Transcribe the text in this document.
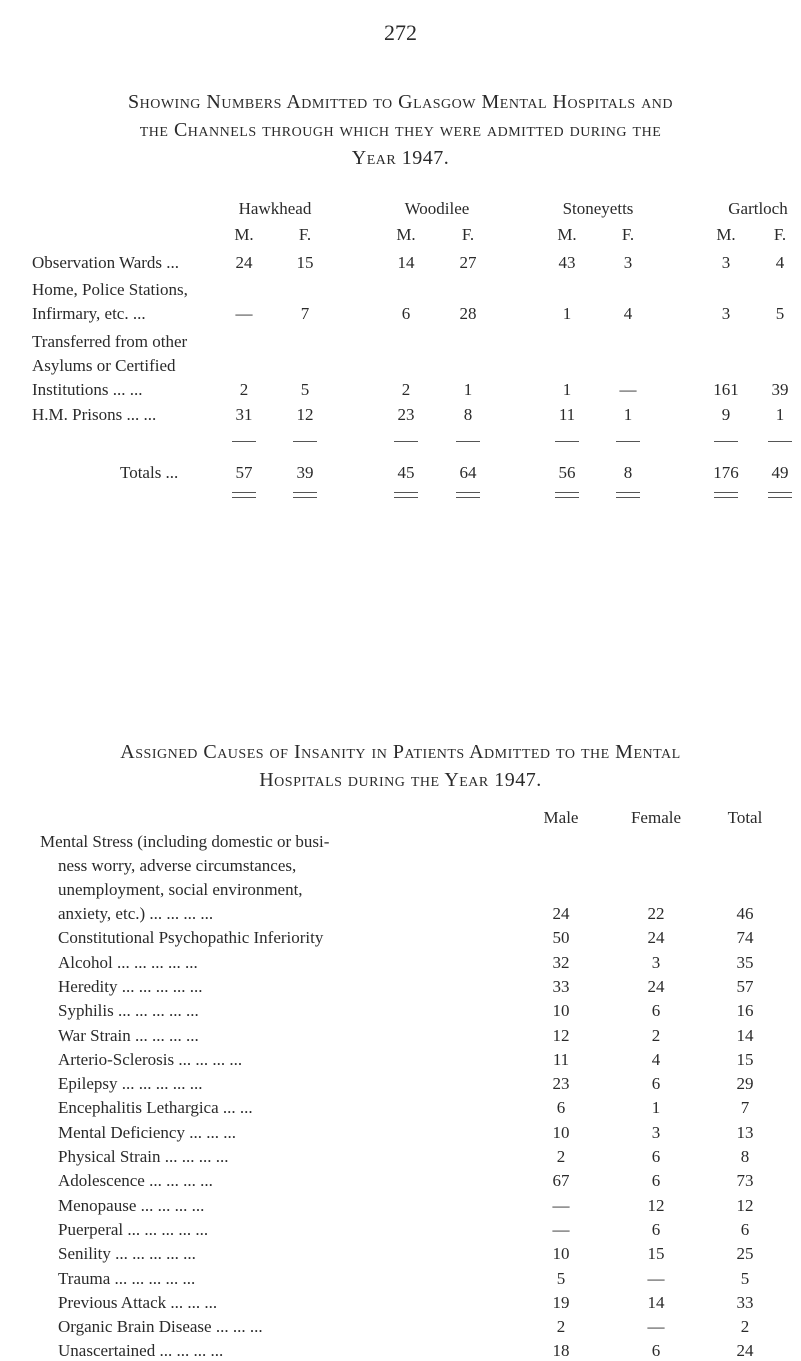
272
Showing Numbers Admitted to Glasgow Mental Hospitals and
the Channels through which they were admitted during the
Year 1947.
Hawkhead	Woodilee	Stoneyetts	Gartloch
M.	F.	M.	F.	M.	F.	M.	F.
Observation Wards ...	24	15	14	27	43	3	3	4
Home, Police Stations,
Infirmary, etc. ...	—	7	6	28	1	4	3	5
Transferred from other
Asylums or Certified
Institutions ... ...	2	5	2	1	1	—	161	39
H.M. Prisons ... ...	31	12	23	8	11	1	9	1
Totals ...	57	39	45	64	56	8	176	49
Assigned Causes of Insanity in Patients Admitted to the Mental
Hospitals during the Year 1947.
Male	Female	Total
Mental Stress (including domestic or busi-
ness worry, adverse circumstances,
unemployment, social environment,
anxiety, etc.) ... ... ... ...	24	22	46
Constitutional Psychopathic Inferiority	50	24	74
Alcohol ... ... ... ... ...	32	3	35
Heredity ... ... ... ... ...	33	24	57
Syphilis ... ... ... ... ...	10	6	16
War Strain ... ... ... ...	12	2	14
Arterio-Sclerosis ... ... ... ...	11	4	15
Epilepsy ... ... ... ... ...	23	6	29
Encephalitis Lethargica ... ...	6	1	7
Mental Deficiency ... ... ...	10	3	13
Physical Strain ... ... ... ...	2	6	8
Adolescence ... ... ... ...	67	6	73
Menopause ... ... ... ...	—	12	12
Puerperal ... ... ... ... ...	—	6	6
Senility ... ... ... ... ...	10	15	25
Trauma ... ... ... ... ...	5	—	5
Previous Attack ... ... ...	19	14	33
Organic Brain Disease ... ... ...	2	—	2
Unascertained ... ... ... ...	18	6	24
